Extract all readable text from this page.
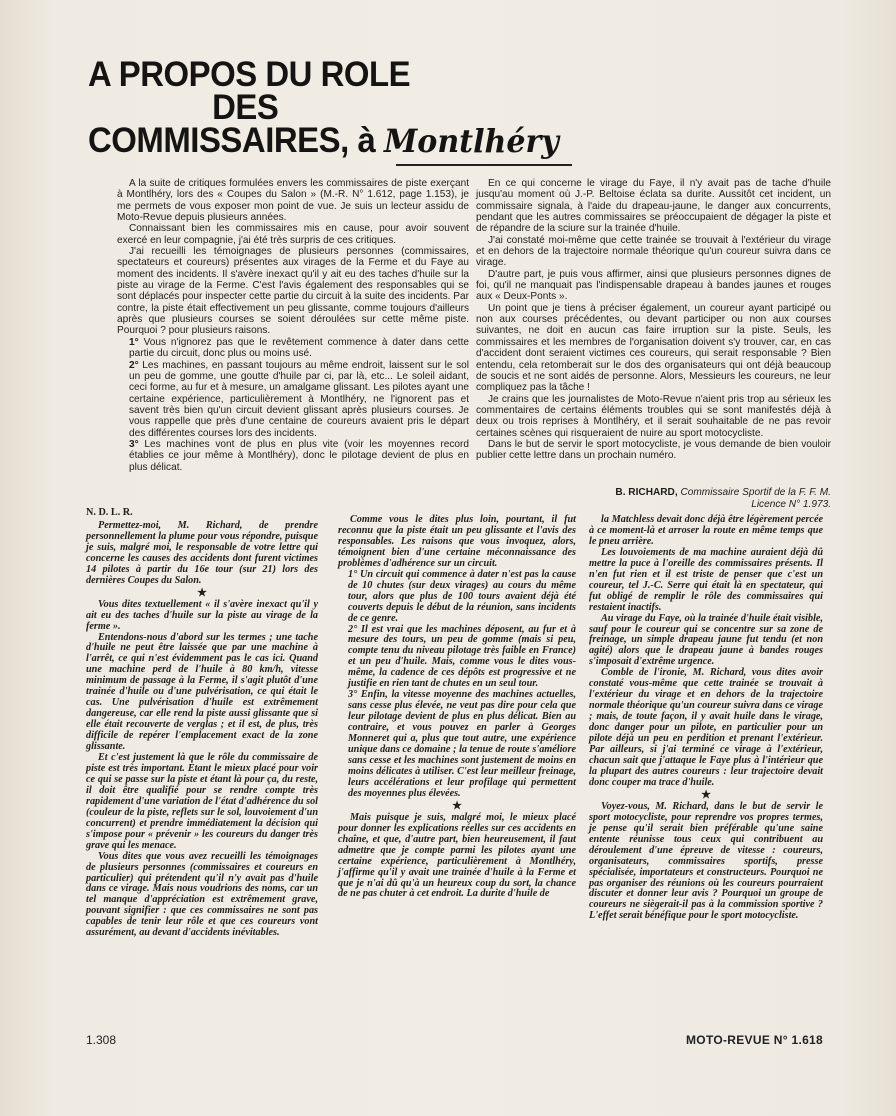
A PROPOS DU ROLE
DES
COMMISSAIRES, à Montlhéry

A la suite de critiques formulées envers les commissaires de piste exerçant à Montlhéry, lors des « Coupes du Salon » (M.-R. N° 1.612, page 1.153), je me permets de vous exposer mon point de vue. Je suis un lecteur assidu de Moto-Revue depuis plusieurs années.

Connaissant bien les commissaires mis en cause, pour avoir souvent exercé en leur compagnie, j'ai été très surpris de ces critiques.

J'ai recueilli les témoignages de plusieurs personnes (commissaires, spectateurs et coureurs) présentes aux virages de la Ferme et du Faye au moment des incidents. Il s'avère inexact qu'il y ait eu des taches d'huile sur la piste au virage de la Ferme. C'est l'avis également des responsables qui se sont déplacés pour inspecter cette partie du circuit à la suite des incidents. Par contre, la piste était effectivement un peu glissante, comme toujours d'ailleurs après que plusieurs courses se soient déroulées sur cette même piste. Pourquoi ? pour plusieurs raisons.

1° Vous n'ignorez pas que le revêtement commence à dater dans cette partie du circuit, donc plus ou moins usé.
2° Les machines, en passant toujours au même endroit, laissent sur le sol un peu de gomme, une goutte d'huile par ci, par là, etc... Le soleil aidant, ceci forme, au fur et à mesure, un amalgame glissant. Les pilotes ayant une certaine expérience, particulièrement à Montlhéry, ne l'ignorent pas et savent très bien qu'un circuit devient glissant après plusieurs courses. Je vous rappelle que près d'une centaine de coureurs avaient pris le départ des différentes courses lors des incidents.
3° Les machines vont de plus en plus vite (voir les moyennes record établies ce jour même à Montlhéry), donc le pilotage devient de plus en plus délicat.

En ce qui concerne le virage du Faye, il n'y avait pas de tache d'huile jusqu'au moment où J.-P. Beltoise éclata sa durite. Aussitôt cet incident, un commissaire signala, à l'aide du drapeau-jaune, le danger aux concurrents, pendant que les autres commissaires se préoccupaient de dégager la piste et de répandre de la sciure sur la trainée d'huile.

J'ai constaté moi-même que cette trainée se trouvait à l'extérieur du virage et en dehors de la trajectoire normale théorique qu'un coureur suivra dans ce virage.

D'autre part, je puis vous affirmer, ainsi que plusieurs personnes dignes de foi, qu'il ne manquait pas l'indispensable drapeau à bandes jaunes et rouges aux « Deux-Ponts ».

Un point que je tiens à préciser également, un coureur ayant participé ou non aux courses précédentes, ou devant participer ou non aux courses suivantes, ne doit en aucun cas faire irruption sur la piste. Seuls, les commissaires et les membres de l'organisation doivent s'y trouver, car, en cas d'accident dont seraient victimes ces coureurs, qui serait responsable ? Bien entendu, cela retomberait sur le dos des organisateurs qui ont déjà beaucoup de soucis et ne sont aidés de personne. Alors, Messieurs les coureurs, ne leur compliquez pas la tâche !

Je crains que les journalistes de Moto-Revue n'aient pris trop au sérieux les commentaires de certains éléments troubles qui se sont manifestés déjà à deux ou trois reprises à Montlhéry, et il serait souhaitable de ne pas revoir certaines scènes qui risqueraient de nuire au sport motocycliste.

Dans le but de servir le sport motocycliste, je vous demande de bien vouloir publier cette lettre dans un prochain numéro.

B. RICHARD, Commissaire Sportif de la F. F. M.
Licence N° 1.973.

N. D. L. R.

Permettez-moi, M. Richard, de prendre personnellement la plume pour vous répondre, puisque je suis, malgré moi, le responsable de votre lettre qui concerne les causes des accidents dont furent victimes 14 pilotes à partir du 16e tour (sur 21) lors des dernières Coupes du Salon.

★

Vous dites textuellement « il s'avère inexact qu'il y ait eu des taches d'huile sur la piste au virage de la ferme ».

Entendons-nous d'abord sur les termes ; une tache d'huile ne peut être laissée que par une machine à l'arrêt, ce qui n'est évidemment pas le cas ici. Quand une machine perd de l'huile à 80 km/h, vitesse minimum de passage à la Ferme, il s'agit plutôt d'une trainée d'huile ou d'une pulvérisation, ce qui était le cas. Une pulvérisation d'huile est extrêmement dangereuse, car elle rend la piste aussi glissante que si elle était recouverte de verglas ; et il est, de plus, très difficile de repérer l'emplacement exact de la zone glissante.

Et c'est justement là que le rôle du commissaire de piste est très important. Etant le mieux placé pour voir ce qui se passe sur la piste et étant là pour ça, du reste, il doit être qualifié pour se rendre compte très rapidement d'une variation de l'état d'adhérence du sol (couleur de la piste, reflets sur le sol, louvoiement d'un concurrent) et prendre immédiatement la décision qui s'impose pour « prévenir » les coureurs du danger très grave qui les menace.

Vous dites que vous avez recueilli les témoignages de plusieurs personnes (commissaires et coureurs en particulier) qui prétendent qu'il n'y avait pas d'huile dans ce virage. Mais nous voudrions des noms, car un tel manque d'appréciation est extrêmement grave, pouvant signifier : que ces commissaires ne sont pas capables de tenir leur rôle et que ces coureurs vont assurément, au devant d'accidents inévitables.

Comme vous le dites plus loin, pourtant, il fut reconnu que la piste était un peu glissante et l'avis des responsables. Les raisons que vous invoquez, alors, témoignent bien d'une certaine méconnaissance des problèmes d'adhérence sur un circuit.

1° Un circuit qui commence à dater n'est pas la cause de 10 chutes (sur deux virages) au cours du même tour, alors que plus de 100 tours avaient déjà été couverts depuis le début de la réunion, sans incidents de ce genre.
2° Il est vrai que les machines déposent, au fur et à mesure des tours, un peu de gomme (mais si peu, compte tenu du niveau pilotage très faible en France) et un peu d'huile. Mais, comme vous le dites vous-même, la cadence de ces dépôts est progressive et ne justifie en rien tant de chutes en un seul tour.
3° Enfin, la vitesse moyenne des machines actuelles, sans cesse plus élevée, ne veut pas dire pour cela que leur pilotage devient de plus en plus délicat. Bien au contraire, et vous pouvez en parler à Georges Monneret qui a, plus que tout autre, une expérience unique dans ce domaine ; la tenue de route s'améliore sans cesse et les machines sont justement de moins en moins délicates à utiliser. C'est leur meilleur freinage, leurs accélérations et leur profilage qui permettent des moyennes plus élevées.

★

Mais puisque je suis, malgré moi, le mieux placé pour donner les explications réelles sur ces accidents en chaîne, et que, d'autre part, bien heureusement, il faut admettre que je compte parmi les pilotes ayant une certaine expérience, particulièrement à Montlhéry, j'affirme qu'il y avait une trainée d'huile à la Ferme et que je n'ai dû qu'à un heureux coup du sort, la chance de ne pas chuter à cet endroit. La durite d'huile de

la Matchless devait donc déjà être légèrement percée à ce moment-là et arroser la route en même temps que le pneu arrière.

Les louvoiements de ma machine auraient déjà dû mettre la puce à l'oreille des commissaires présents. Il n'en fut rien et il est triste de penser que c'est un coureur, tel J.-C. Serre qui était là en spectateur, qui fut obligé de remplir le rôle des commissaires qui restaient inactifs.

Au virage du Faye, où la trainée d'huile était visible, sauf pour le coureur qui se concentre sur sa zone de freinage, un simple drapeau jaune fut tendu (et non agité) alors que le drapeau jaune à bandes rouges s'imposait d'extrême urgence.

Comble de l'ironie, M. Richard, vous dites avoir constaté vous-même que cette trainée se trouvait à l'extérieur du virage et en dehors de la trajectoire normale théorique qu'un coureur suivra dans ce virage ; mais, de toute façon, il y avait huile dans le virage, donc danger pour un pilote, en particulier pour un pilote déjà un peu en perdition et prenant l'extérieur. Par ailleurs, si j'ai terminé ce virage à l'extérieur, chacun sait que j'attaque le Faye plus à l'intérieur que la plupart des autres coureurs : leur trajectoire devait donc couper ma trace d'huile.

★

Voyez-vous, M. Richard, dans le but de servir le sport motocycliste, pour reprendre vos propres termes, je pense qu'il serait bien préférable qu'une saine entente réunisse tous ceux qui contribuent au déroulement d'une épreuve de vitesse : coureurs, organisateurs, commissaires sportifs, presse spécialisée, importateurs et constructeurs. Pourquoi ne pas organiser des réunions où les coureurs pourraient discuter et donner leur avis ? Pourquoi un groupe de coureurs ne siègerait-il pas à la commission sportive ? L'effet serait bénéfique pour le sport motocycliste.

1.308	MOTO-REVUE N° 1.618
